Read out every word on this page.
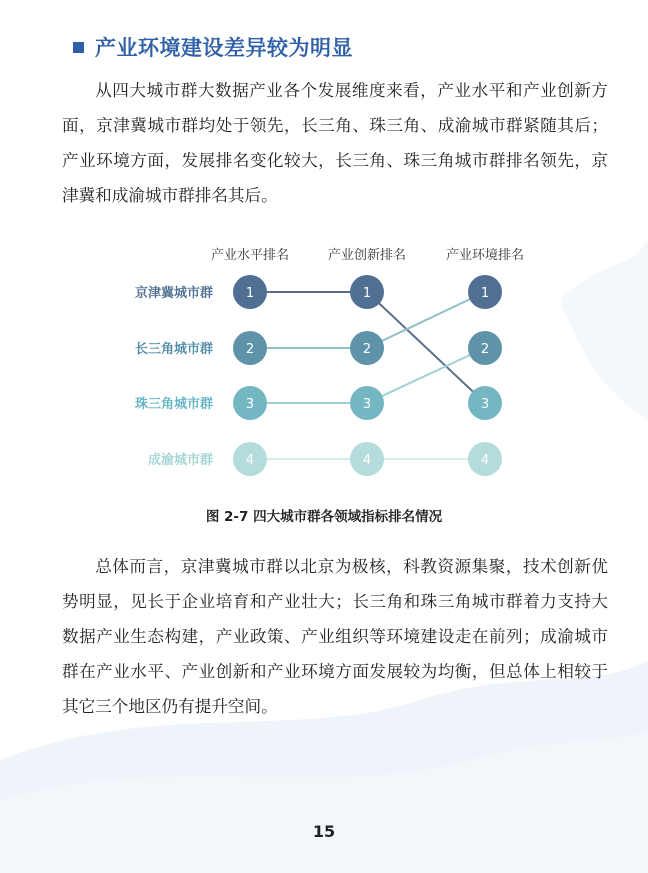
产业环境建设差异较为明显
从四大城市群大数据产业各个发展维度来看，产业水平和产业创新方面，京津冀城市群均处于领先，长三角、珠三角、成渝城市群紧随其后；产业环境方面，发展排名变化较大，长三角、珠三角城市群排名领先，京津冀和成渝城市群排名其后。
产业水平排名	产业创新排名	产业环境排名
京津冀城市群
长三角城市群
珠三角城市群
成渝城市群
1
2
3
4
1
2
3
4
1
2
3
4
图 2-7 四大城市群各领域指标排名情况
总体而言，京津冀城市群以北京为极核，科教资源集聚，技术创新优势明显，见长于企业培育和产业壮大；长三角和珠三角城市群着力支持大数据产业生态构建，产业政策、产业组织等环境建设走在前列；成渝城市群在产业水平、产业创新和产业环境方面发展较为均衡，但总体上相较于其它三个地区仍有提升空间。
15
